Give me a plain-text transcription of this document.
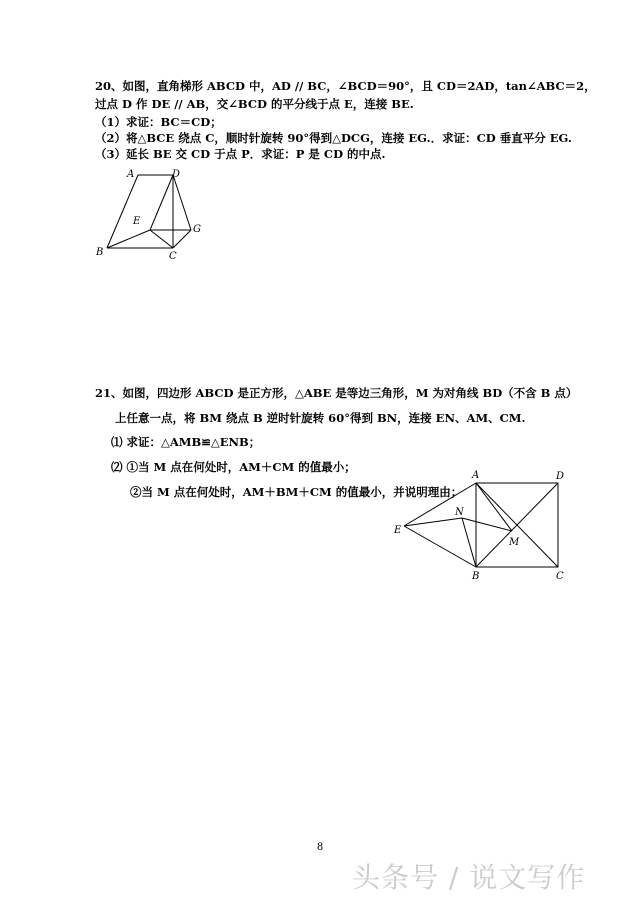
20、如图，直角梯形 ABCD 中，AD // BC，∠BCD＝90°，且 CD＝2AD，tan∠ABC＝2，
过点 D 作 DE // AB，交∠BCD 的平分线于点 E，连接 BE.
（1）求证：BC＝CD；
（2）将△BCE 绕点 C，顺时针旋转 90°得到△DCG，连接 EG.．求证：CD 垂直平分 EG.
（3）延长 BE 交 CD 于点 P．求证：P 是 CD 的中点.
A	D
E
G
B	C
21、如图，四边形 ABCD 是正方形，△ABE 是等边三角形，M 为对角线 BD（不含 B 点）
上任意一点，将 BM 绕点 B 逆时针旋转 60°得到 BN，连接 EN、AM、CM.
⑴ 求证：△AMB≌△ENB；
⑵ ①当 M 点在何处时，AM＋CM 的值最小；
②当 M 点在何处时，AM＋BM＋CM 的值最小，并说明理由；
A	D
N
E
M
B	C
8
头条号 / 说文写作
